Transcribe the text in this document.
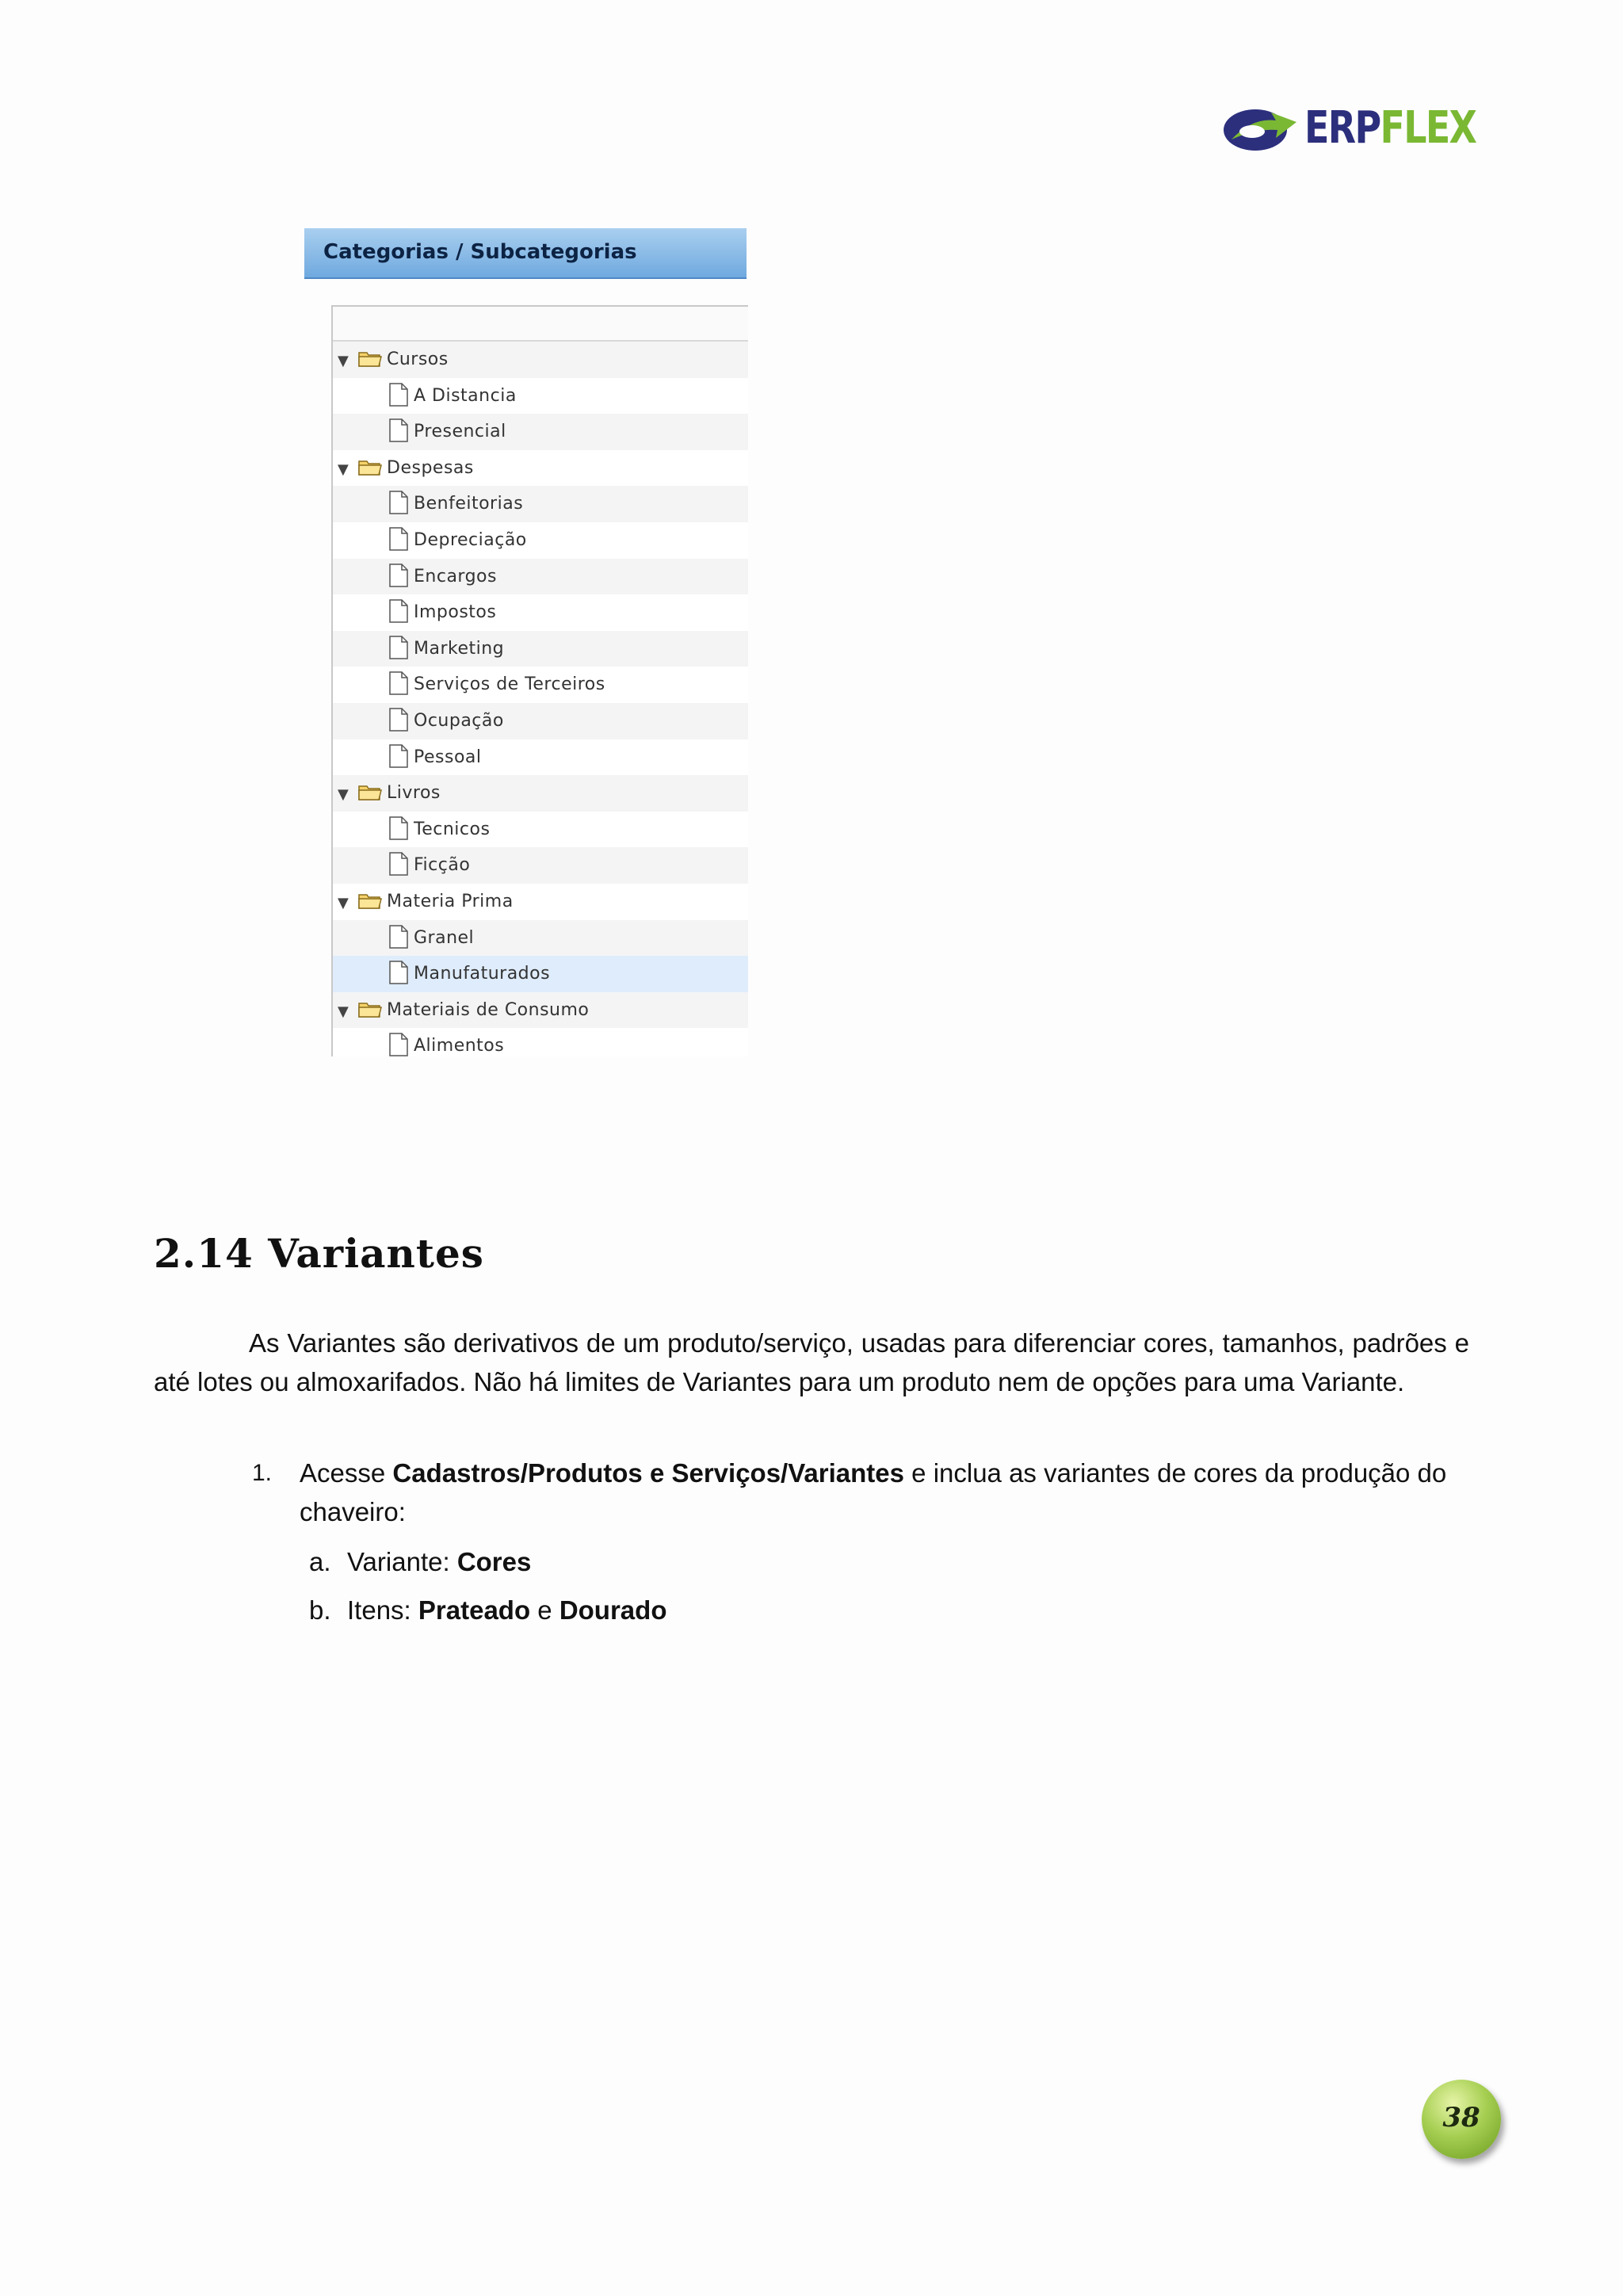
ERPFLEX
Categorias / Subcategorias
▼ Cursos
A Distancia
Presencial
▼ Despesas
Benfeitorias
Depreciação
Encargos
Impostos
Marketing
Serviços de Terceiros
Ocupação
Pessoal
▼ Livros
Tecnicos
Ficção
▼ Materia Prima
Granel
Manufaturados
▼ Materiais de Consumo
Alimentos
2.14 Variantes

As Variantes são derivativos de um produto/serviço, usadas para diferenciar cores, tamanhos, padrões e até lotes ou almoxarifados. Não há limites de Variantes para um produto nem de opções para uma Variante.

1. Acesse Cadastros/Produtos e Serviços/Variantes e inclua as variantes de cores da produção do chaveiro:
a. Variante: Cores
b. Itens: Prateado e Dourado
38
